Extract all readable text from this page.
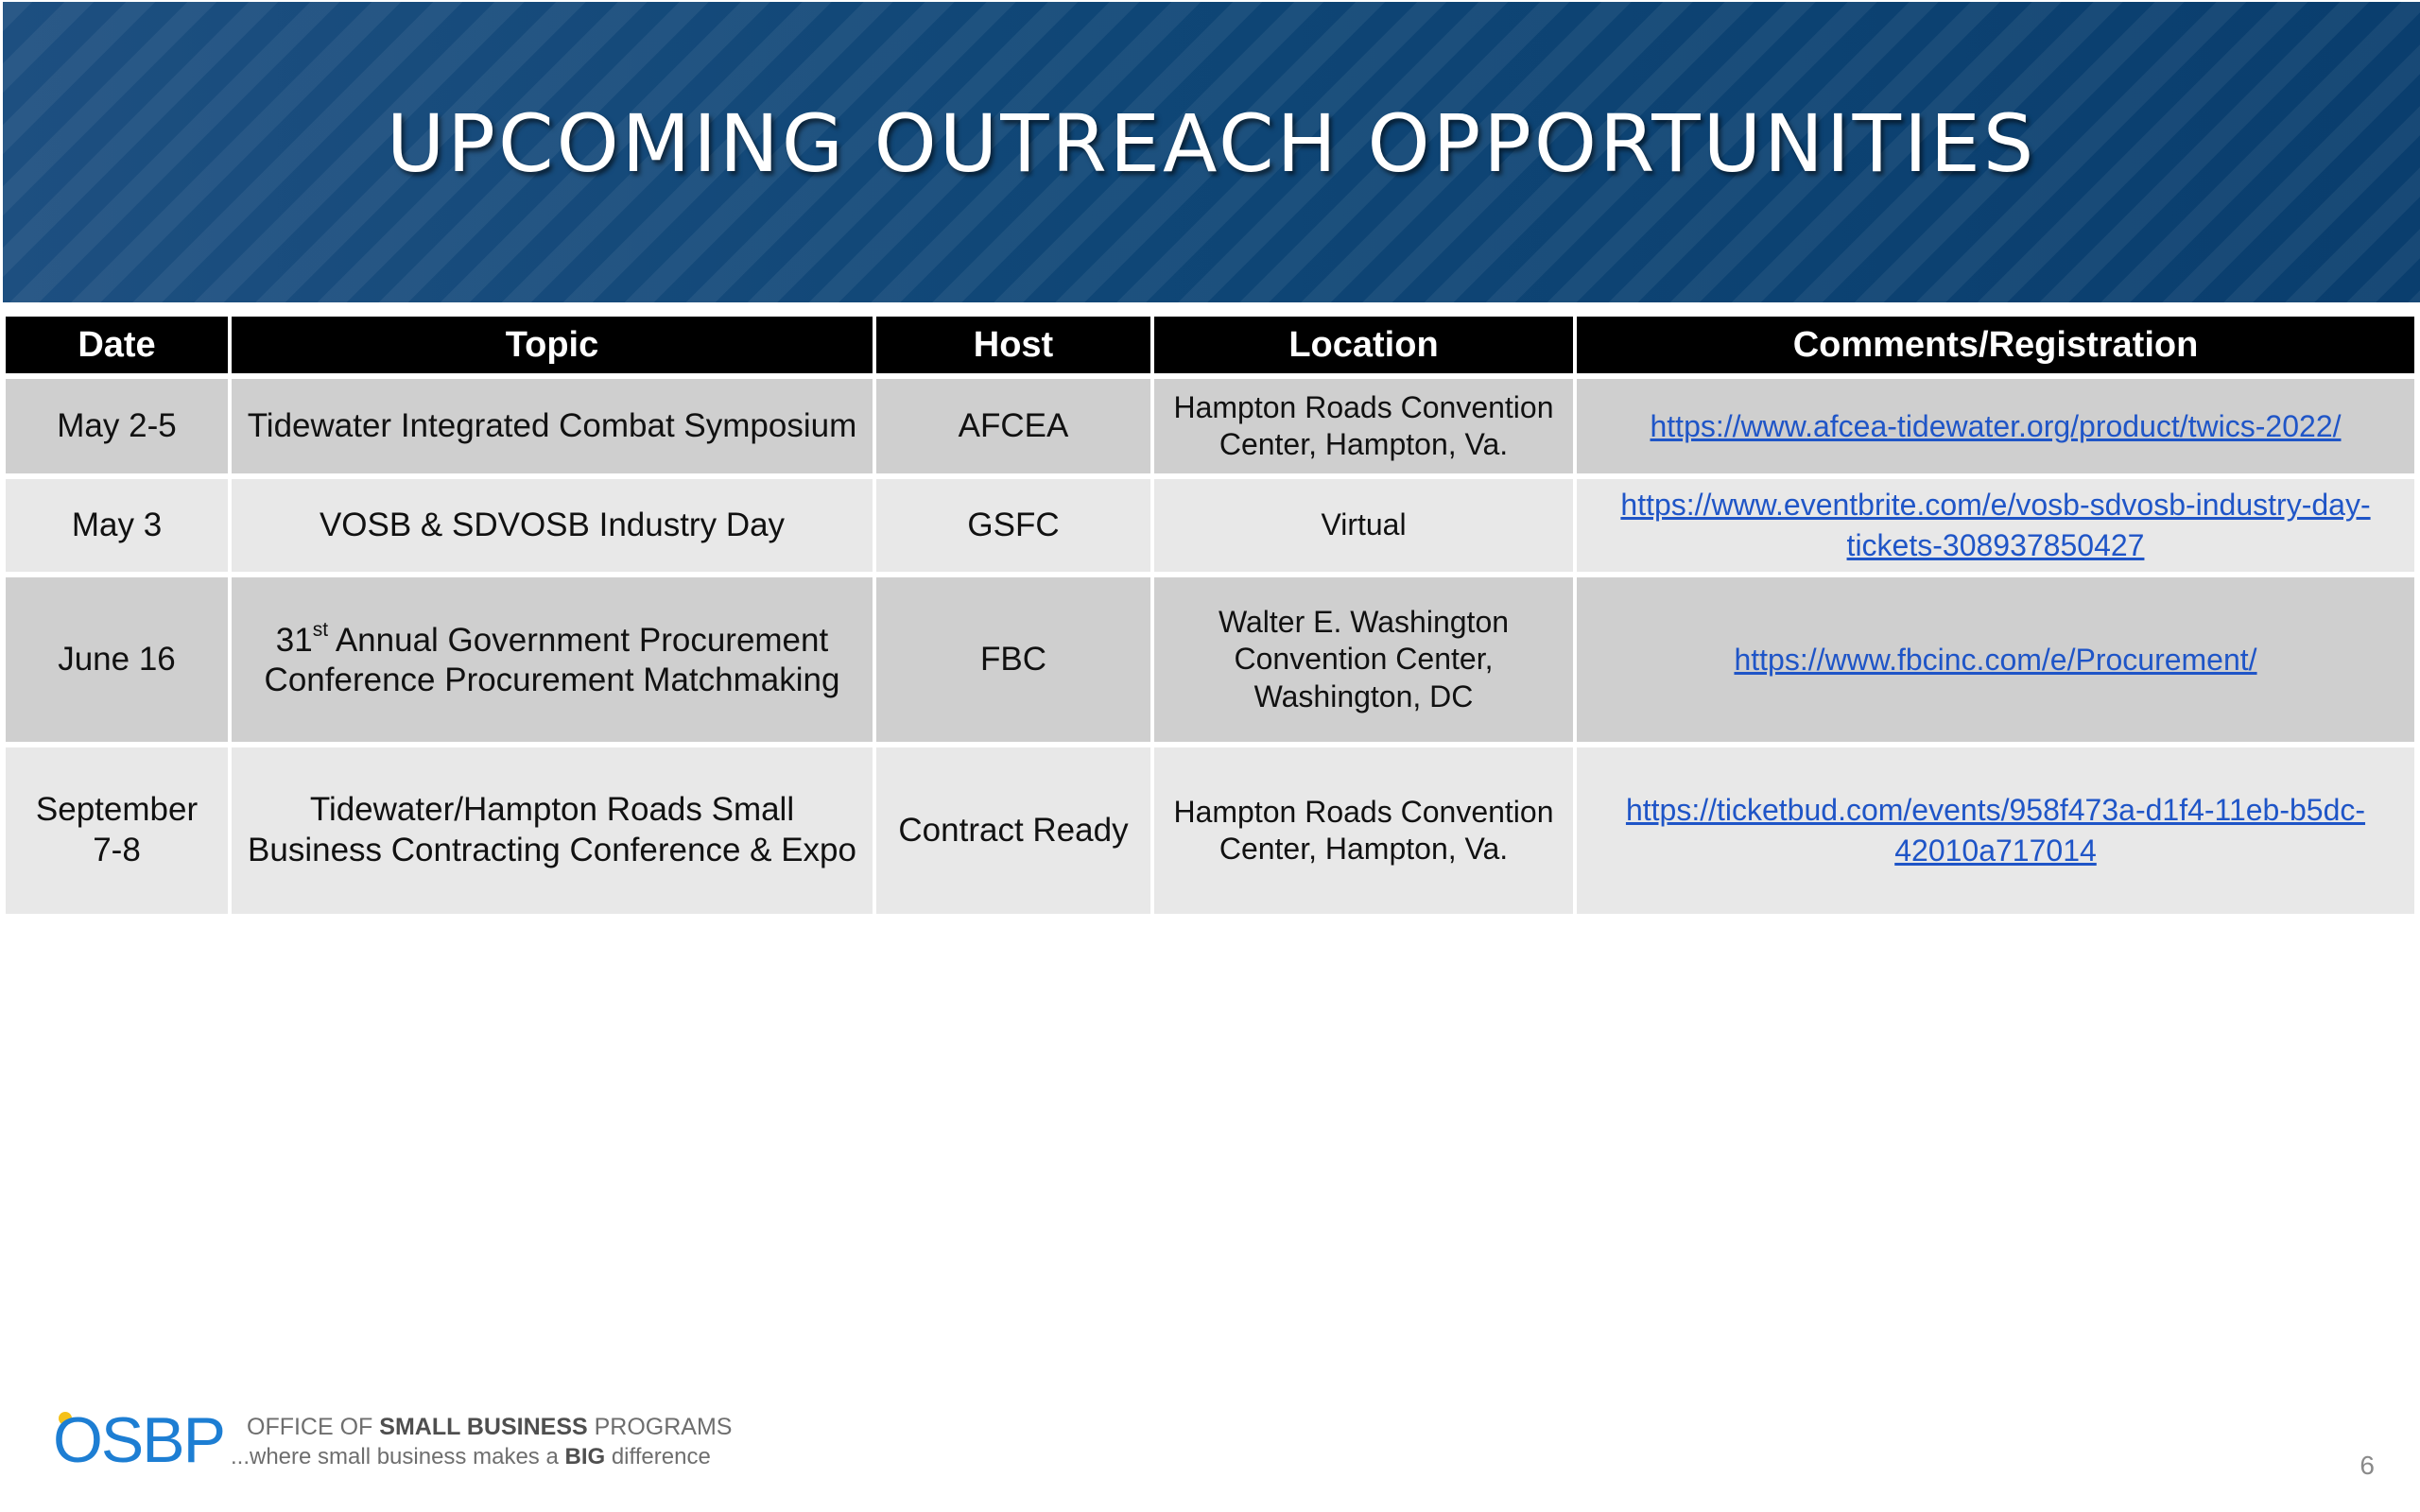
UPCOMING OUTREACH OPPORTUNITIES
Date	Topic	Host	Location	Comments/Registration
May 2-5	Tidewater Integrated Combat Symposium	AFCEA	Hampton Roads Convention Center, Hampton, Va.	https://www.afcea-tidewater.org/product/twics-2022/
May 3	VOSB & SDVOSB Industry Day	GSFC	Virtual	https://www.eventbrite.com/e/vosb-sdvosb-industry-day-tickets-308937850427
June 16	31st Annual Government Procurement Conference Procurement Matchmaking	FBC	Walter E. Washington Convention Center, Washington, DC	https://www.fbcinc.com/e/Procurement/
September 7-8	Tidewater/Hampton Roads Small Business Contracting Conference & Expo	Contract Ready	Hampton Roads Convention Center, Hampton, Va.	https://ticketbud.com/events/958f473a-d1f4-11eb-b5dc-42010a717014
OSBP OFFICE OF SMALL BUSINESS PROGRAMS
...where small business makes a BIG difference	6
